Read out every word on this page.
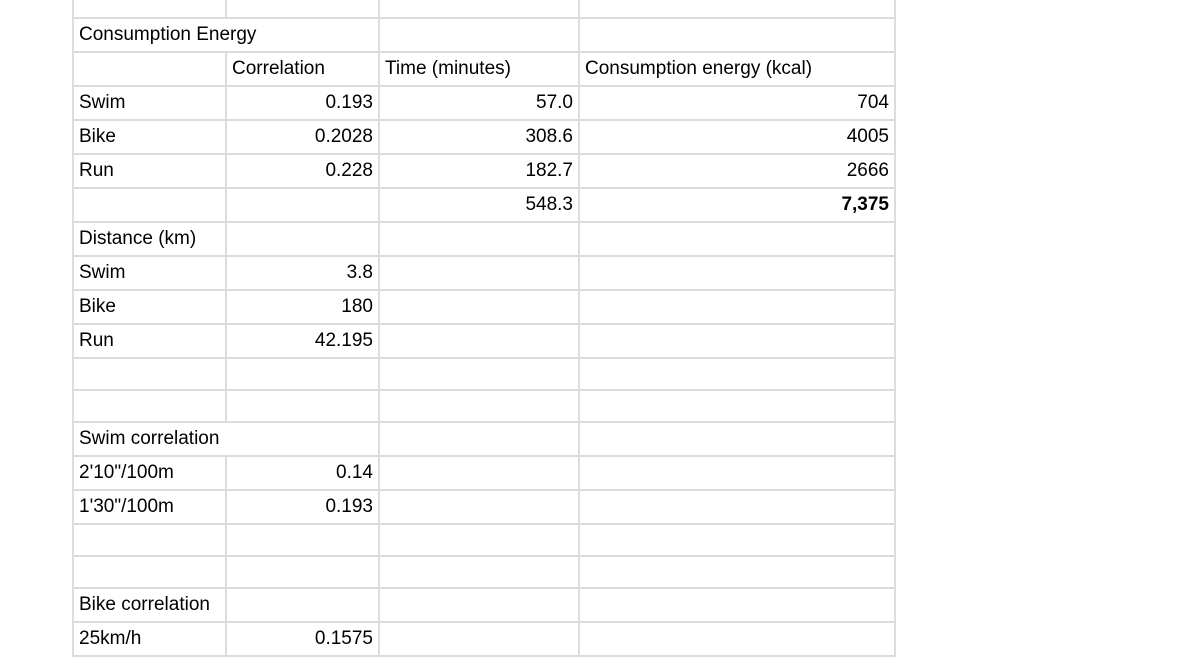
Consumption Energy			
	Correlation	Time (minutes)	Consumption energy (kcal)
Swim	0.193	57.0	704
Bike	0.2028	308.6	4005
Run	0.228	182.7	2666
		548.3	7,375
Distance (km)			
Swim	3.8		
Bike	180		
Run	42.195		

Swim correlation			
2'10"/100m	0.14		
1'30"/100m	0.193		

Bike correlation			
25km/h	0.1575		
